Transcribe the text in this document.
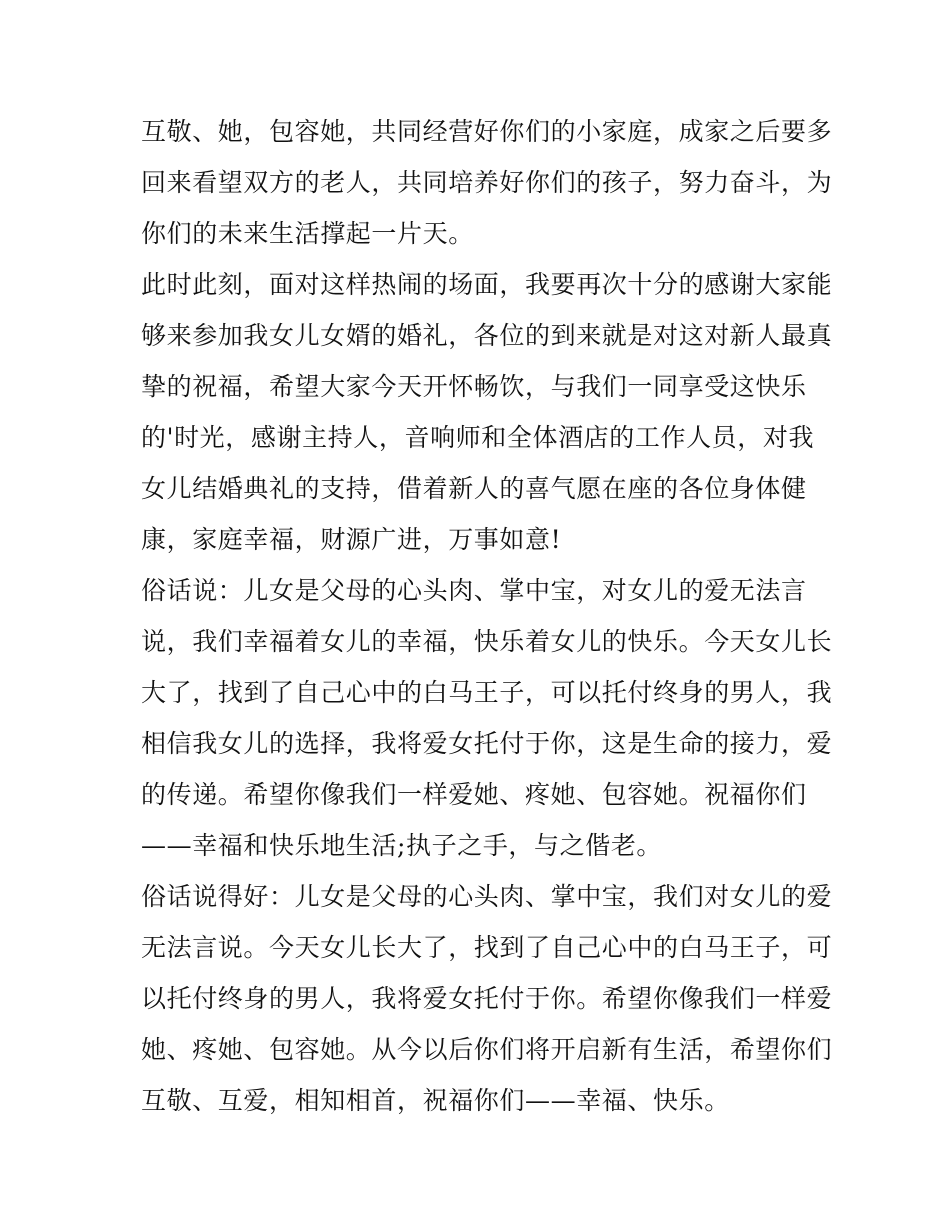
互敬、她，包容她，共同经营好你们的小家庭，成家之后要多
回来看望双方的老人，共同培养好你们的孩子，努力奋斗，为
你们的未来生活撑起一片天。
此时此刻，面对这样热闹的场面，我要再次十分的感谢大家能
够来参加我女儿女婿的婚礼，各位的到来就是对这对新人最真
挚的祝福，希望大家今天开怀畅饮，与我们一同享受这快乐
的'时光，感谢主持人，音响师和全体酒店的工作人员，对我
女儿结婚典礼的支持，借着新人的喜气愿在座的各位身体健
康，家庭幸福，财源广进，万事如意!
俗话说：儿女是父母的心头肉、掌中宝，对女儿的爱无法言
说，我们幸福着女儿的幸福，快乐着女儿的快乐。今天女儿长
大了，找到了自己心中的白马王子，可以托付终身的男人，我
相信我女儿的选择，我将爱女托付于你，这是生命的接力，爱
的传递。希望你像我们一样爱她、疼她、包容她。祝福你们
——幸福和快乐地生活;执子之手，与之偕老。
俗话说得好：儿女是父母的心头肉、掌中宝，我们对女儿的爱
无法言说。今天女儿长大了，找到了自己心中的白马王子，可
以托付终身的男人，我将爱女托付于你。希望你像我们一样爱
她、疼她、包容她。从今以后你们将开启新有生活，希望你们
互敬、互爱，相知相首，祝福你们——幸福、快乐。
